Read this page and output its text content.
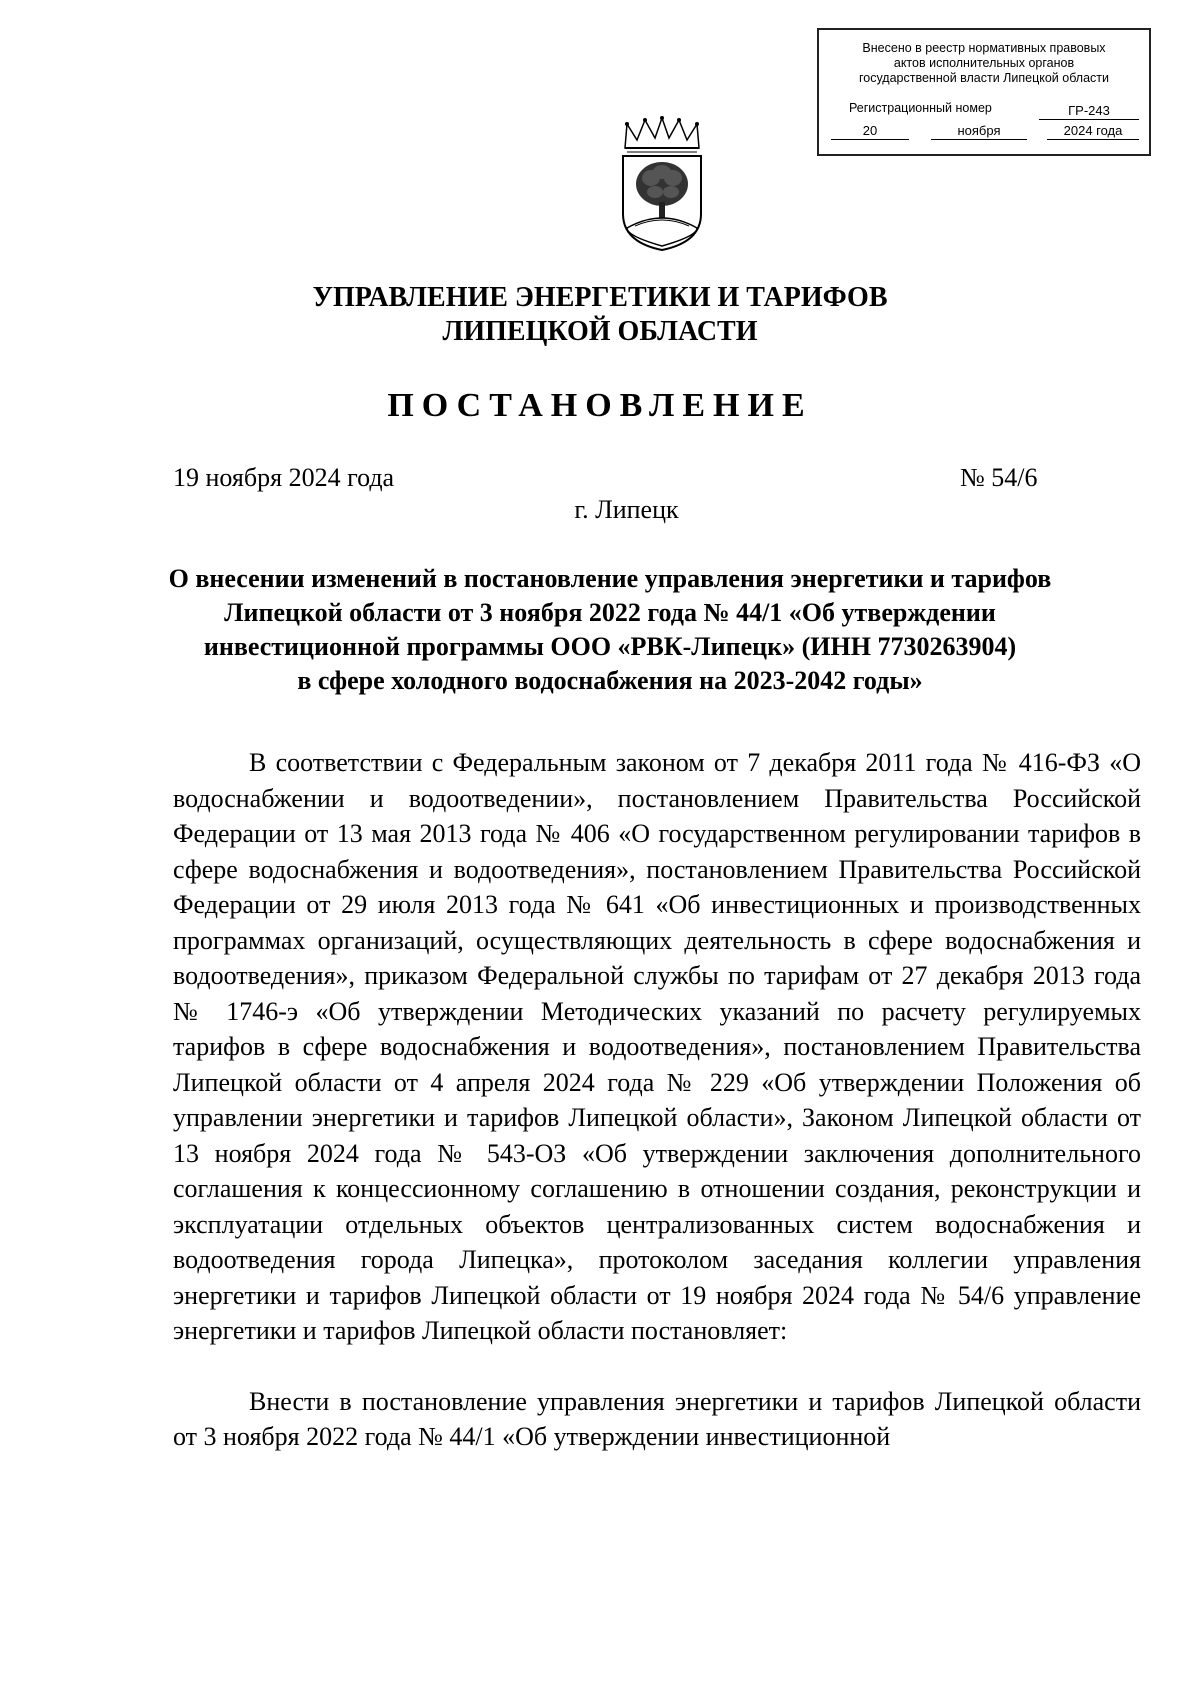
Внесено в реестр нормативных правовых
актов исполнительных органов
государственной власти Липецкой области
Регистрационный номер	ГР-243
20	ноября	2024 года
УПРАВЛЕНИЕ ЭНЕРГЕТИКИ И ТАРИФОВ
ЛИПЕЦКОЙ ОБЛАСТИ
ПОСТАНОВЛЕНИЕ
19 ноября 2024 года	№ 54/6
г. Липецк
О внесении изменений в постановление управления энергетики и тарифов
Липецкой области от 3 ноября 2022 года № 44/1 «Об утверждении
инвестиционной программы ООО «РВК-Липецк» (ИНН 7730263904)
в сфере холодного водоснабжения на 2023-2042 годы»

В соответствии с Федеральным законом от 7 декабря 2011 года № 416-ФЗ «О водоснабжении и водоотведении», постановлением Правительства Российской Федерации от 13 мая 2013 года № 406 «О государственном регулировании тарифов в сфере водоснабжения и водоотведения», постановлением Правительства Российской Федерации от 29 июля 2013 года № 641 «Об инвестиционных и производственных программах организаций, осуществляющих деятельность в сфере водоснабжения и водоотведения», приказом Федеральной службы по тарифам от 27 декабря 2013 года № 1746-э «Об утверждении Методических указаний по расчету регулируемых тарифов в сфере водоснабжения и водоотведения», постановлением Правительства Липецкой области от 4 апреля 2024 года № 229 «Об утверждении Положения об управлении энергетики и тарифов Липецкой области», Законом Липецкой области от 13 ноября 2024 года № 543-ОЗ «Об утверждении заключения дополнительного соглашения к концессионному соглашению в отношении создания, реконструкции и эксплуатации отдельных объектов централизованных систем водоснабжения и водоотведения города Липецка», протоколом заседания коллегии управления энергетики и тарифов Липецкой области от 19 ноября 2024 года № 54/6 управление энергетики и тарифов Липецкой области постановляет:

Внести в постановление управления энергетики и тарифов Липецкой области от 3 ноября 2022 года № 44/1 «Об утверждении инвестиционной
